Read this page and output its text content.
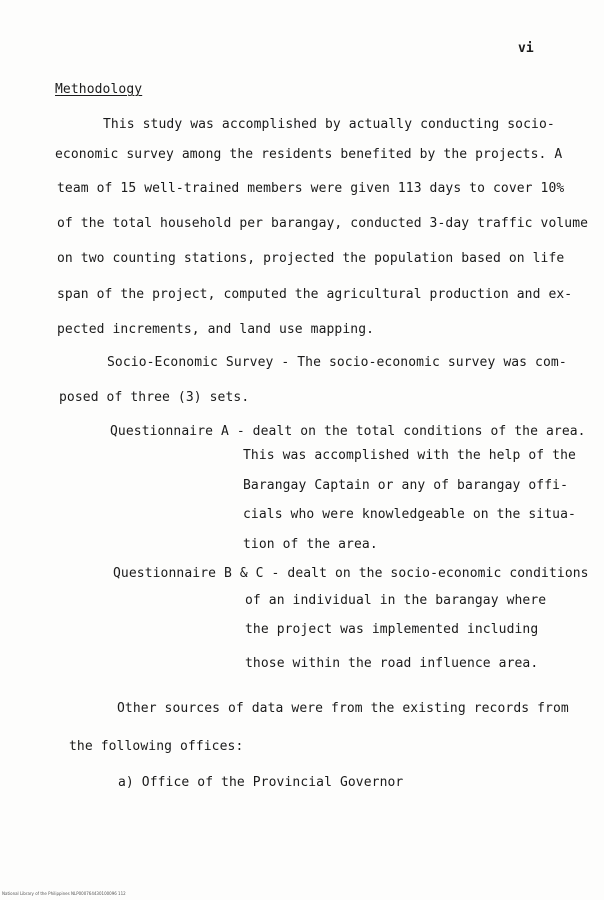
vi
Methodology
This study was accomplished by actually conducting socio-
economic survey among the residents benefited by the projects. A
team of 15 well-trained members were given 113 days to cover 10%
of the total household per barangay, conducted 3-day traffic volume
on two counting stations, projected the population based on life
span of the project, computed the agricultural production and ex-
pected increments, and land use mapping.
Socio-Economic Survey - The socio-economic survey was com-
posed of three (3) sets.
Questionnaire A - dealt on the total conditions of the area.
This was accomplished with the help of the
Barangay Captain or any of barangay offi-
cials who were knowledgeable on the situa-
tion of the area.
Questionnaire B & C - dealt on the socio-economic conditions
of an individual in the barangay where
the project was implemented including
those within the road influence area.
Other sources of data were from the existing records from
the following offices:
a) Office of the Provincial Governor
National Library of the Philippines NLP000764430100096 112
